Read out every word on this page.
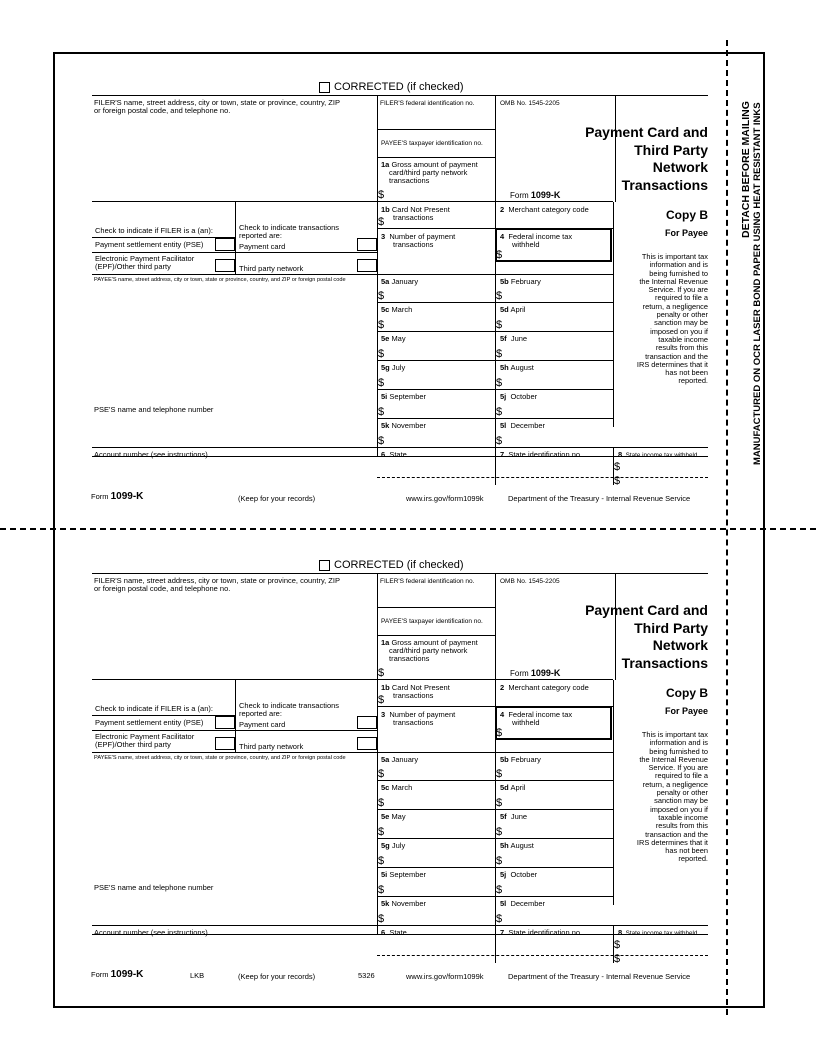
DETACH BEFORE MAILING MANUFACTURED ON OCR LASER BOND PAPER USING HEAT RESISTANT INKS
CORRECTED (if checked)
FILER'S name, street address, city or town, state or province, country, ZIP
or foreign postal code, and telephone no.
FILER'S federal identification no.
PAYEE'S taxpayer identification no.
OMB No. 1545-2205
Payment Card and
Third Party
Network
Transactions
1a Gross amount of payment
card/third party network
transactions
$	Form 1099-K
1b Card Not Present
transactions
$
2 Merchant category code	Copy B
For Payee
Check to indicate if FILER is a (an):	Check to indicate transactions
reported are:
Payment settlement entity (PSE)	Payment card
Electronic Payment Facilitator
(EPF)/Other third party	Third party network
3 Number of payment
transactions
4 Federal income tax
withheld
$
PAYEE'S name, street address, city or town, state or province, country, and ZIP or foreign postal code
This is important tax
information and is
being furnished to
the Internal Revenue
Service. If you are
required to file a
return, a negligence
penalty or other
sanction may be
imposed on you if
taxable income
results from this
transaction and the
IRS determines that it
has not been
reported.
5a January
$
5b February
$
5c March
$
5d April
$
5e May
$
5f June
$
5g July
$
5h August
$
5i September
$
5j October
$
PSE'S name and telephone number
5k November
$
5l December
$
Account number (see instructions)	6 State	7 State identification no.	8 State income tax withheld
$
$
Form 1099-K	(Keep for your records)	www.irs.gov/form1099k	Department of the Treasury - Internal Revenue Service
LKB	5326
CORRECTED (if checked)
FILER'S name, street address, city or town, state or province, country, ZIP
or foreign postal code, and telephone no.
FILER'S federal identification no.
PAYEE'S taxpayer identification no.
OMB No. 1545-2205
Payment Card and
Third Party
Network
Transactions
1a Gross amount of payment
card/third party network
transactions
$	Form 1099-K
1b Card Not Present
transactions
$
2 Merchant category code	Copy B
For Payee
Check to indicate if FILER is a (an):	Check to indicate transactions
reported are:
Payment settlement entity (PSE)	Payment card
Electronic Payment Facilitator
(EPF)/Other third party	Third party network
3 Number of payment
transactions
4 Federal income tax
withheld
$
PAYEE'S name, street address, city or town, state or province, country, and ZIP or foreign postal code
This is important tax
information and is
being furnished to
the Internal Revenue
Service. If you are
required to file a
return, a negligence
penalty or other
sanction may be
imposed on you if
taxable income
results from this
transaction and the
IRS determines that it
has not been
reported.
5a January
$
5b February
$
5c March
$
5d April
$
5e May
$
5f June
$
5g July
$
5h August
$
5i September
$
5j October
$
PSE'S name and telephone number
5k November
$
5l December
$
Account number (see instructions)	6 State	7 State identification no.	8 State income tax withheld
$
$
Form 1099-K	(Keep for your records)	www.irs.gov/form1099k	Department of the Treasury - Internal Revenue Service
